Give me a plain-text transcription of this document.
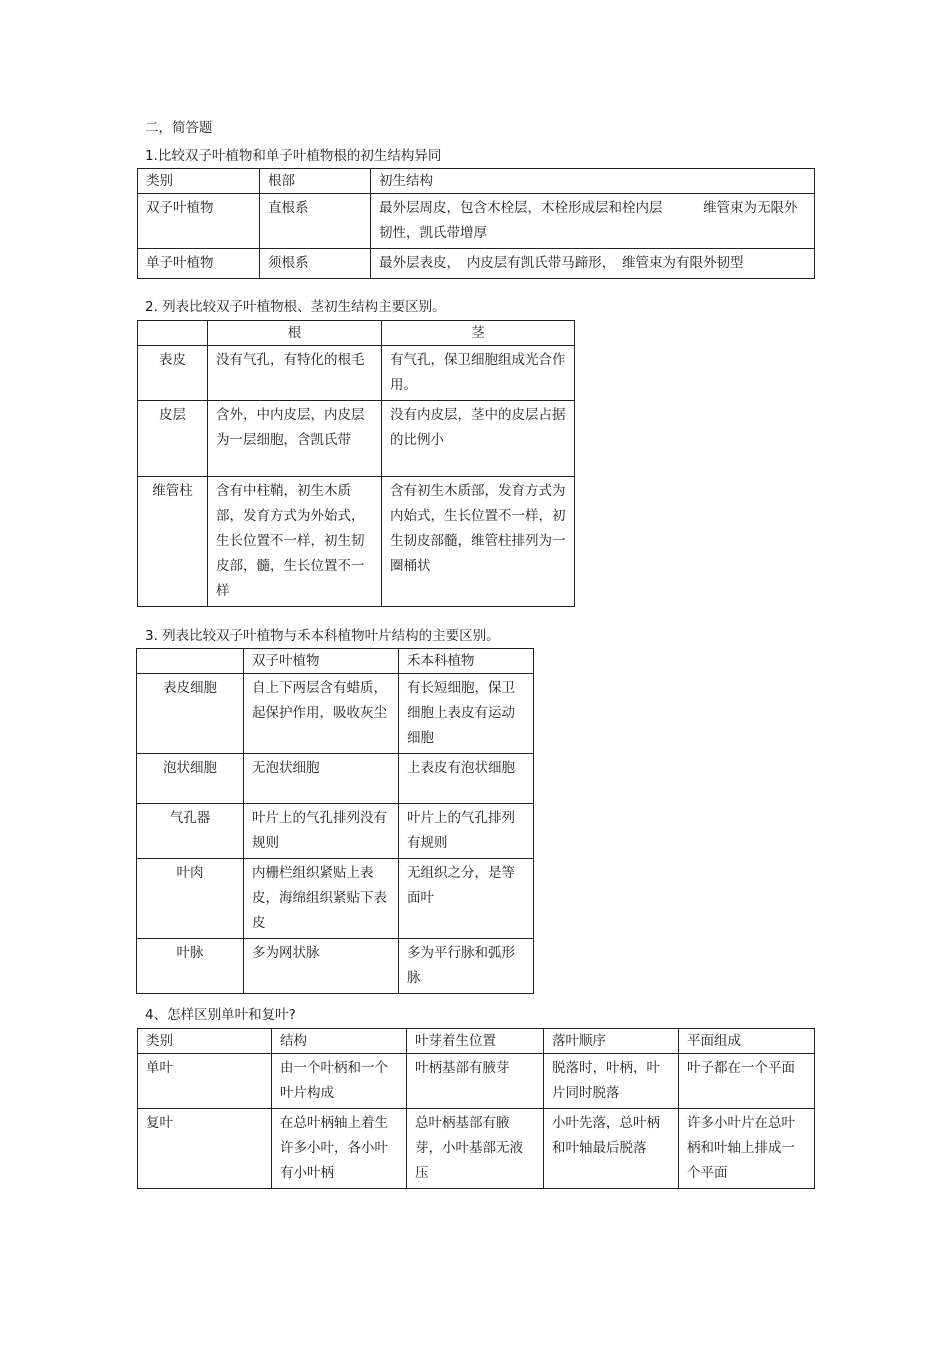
二，简答题
1.比较双子叶植物和单子叶植物根的初生结构异同
类别	根部	初生结构
双子叶植物	直根系	最外层周皮，包含木栓层，木栓形成层和栓内层　　　维管束为无限外韧性，凯氏带增厚
单子叶植物	须根系	最外层表皮，　内皮层有凯氏带马蹄形，　维管束为有限外韧型
2. 列表比较双子叶植物根、茎初生结构主要区别。
	根	茎
表皮	没有气孔，有特化的根毛	有气孔，保卫细胞组成光合作用。
皮层	含外，中内皮层，内皮层为一层细胞，含凯氏带	没有内皮层，茎中的皮层占据的比例小
维管柱	含有中柱鞘，初生木质部，发育方式为外始式，生长位置不一样，初生韧皮部，髓，生长位置不一样	含有初生木质部，发育方式为内始式，生长位置不一样，初生韧皮部髓，维管柱排列为一圈桶状
3. 列表比较双子叶植物与禾本科植物叶片结构的主要区别。
	双子叶植物	禾本科植物
表皮细胞	自上下两层含有蜡质，起保护作用，吸收灰尘	有长短细胞，保卫细胞上表皮有运动细胞
泡状细胞	无泡状细胞	上表皮有泡状细胞
气孔器	叶片上的气孔排列没有规则	叶片上的气孔排列有规则
叶肉	内栅栏组织紧贴上表皮，海绵组织紧贴下表皮	无组织之分，是等面叶
叶脉	多为网状脉	多为平行脉和弧形脉
4、怎样区别单叶和复叶?
类别	结构	叶芽着生位置	落叶顺序	平面组成
单叶	由一个叶柄和一个叶片构成	叶柄基部有腋芽	脱落时，叶柄，叶片同时脱落	叶子都在一个平面
复叶	在总叶柄轴上着生许多小叶，各小叶有小叶柄	总叶柄基部有腋芽，小叶基部无液压	小叶先落，总叶柄和叶轴最后脱落	许多小叶片在总叶柄和叶轴上排成一个平面
